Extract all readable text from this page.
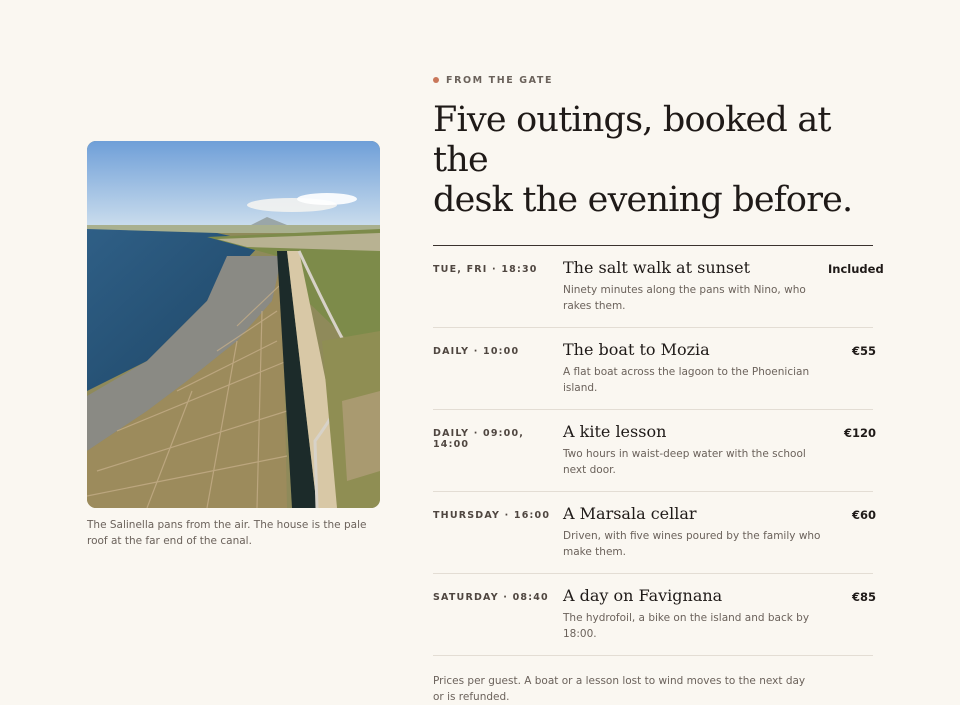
The Salinella pans from the air. The house is the pale roof at the far end of the canal.
FROM THE GATE
Five outings, booked at the
desk the evening before.
TUE, FRI · 18:30	The salt walk at sunset
Ninety minutes along the pans with Nino, who rakes them.
Included
DAILY · 10:00	The boat to Mozia
A flat boat across the lagoon to the Phoenician island.
€55
DAILY · 09:00, 14:00
A kite lesson
Two hours in waist-deep water with the school next door.
€120
THURSDAY · 16:00 A Marsala cellar
Driven, with five wines poured by the family who make them.
€60
SATURDAY · 08:40 A day on Favignana
The hydrofoil, a bike on the island and back by 18:00.
€85
Prices per guest. A boat or a lesson lost to wind moves to the next day or is refunded.
